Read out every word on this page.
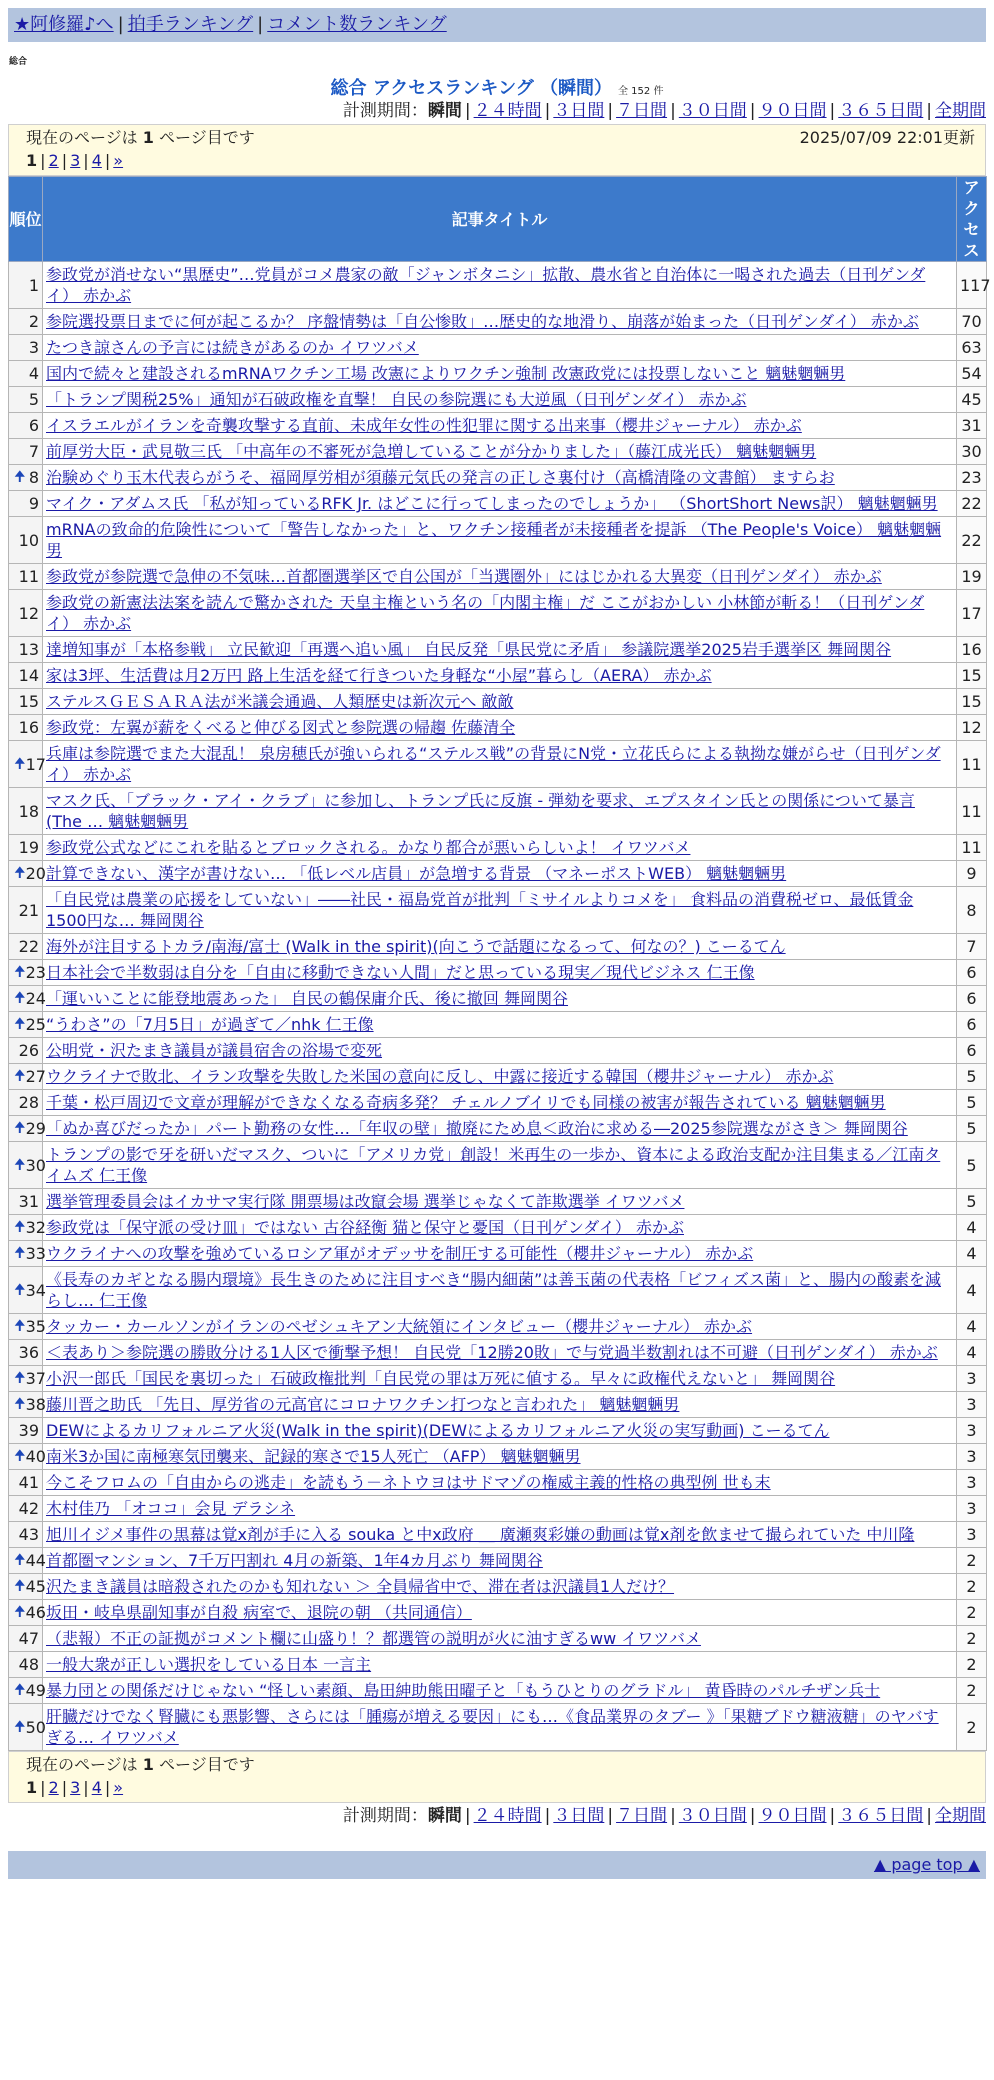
★阿修羅♪へ | 拍手ランキング | コメント数ランキング
総合
総合 アクセスランキング （瞬間） 全 152 件
計測期間：瞬間 | ２４時間 | ３日間 | ７日間 | ３０日間 | ９０日間 | ３６５日間 | 全期間
現在のページは 1 ページ目です	2025/07/09 22:01更新
1 | 2 | 3 | 4 | »
順位	記事タイトル	アクセス
1	参政党が消せない“黒歴史”…党員がコメ農家の敵「ジャンボタニシ」拡散、農水省と自治体に一喝された過去（日刊ゲンダイ） 赤かぶ	117
2	参院選投票日までに何が起こるか？ 序盤情勢は「自公惨敗」…歴史的な地滑り、崩落が始まった（日刊ゲンダイ） 赤かぶ	70
3	たつき諒さんの予言には続きがあるのか イワツバメ	63
4	国内で続々と建設されるmRNAワクチン工場 改憲によりワクチン強制 改憲政党には投票しないこと 魑魅魍魎男	54
5	「トランプ関税25%」通知が石破政権を直撃！ 自民の参院選にも大逆風（日刊ゲンダイ） 赤かぶ	45
6	イスラエルがイランを奇襲攻撃する直前、未成年女性の性犯罪に関する出来事（櫻井ジャーナル） 赤かぶ	31
7	前厚労大臣・武見敬三氏 「中高年の不審死が急増していることが分かりました」（藤江成光氏） 魑魅魍魎男	30

🠉 8	治験めぐり玉木代表らがうそ、福岡厚労相が須藤元気氏の発言の正しさ裏付け（高橋清隆の文書館） ますらお	23
9	マイク・アダムス氏 「私が知っているRFK Jr. はどこに行ってしまったのでしょうか」 （ShortShort News訳） 魑魅魍魎男	22
10	mRNAの致命的危険性について「警告しなかった」と、ワクチン接種者が未接種者を提訴 （The People's Voice） 魑魅魍魎男	22
11	参政党が参院選で急伸の不気味…首都圏選挙区で自公国が「当選圏外」にはじかれる大異変（日刊ゲンダイ） 赤かぶ	19
12	参政党の新憲法法案を読んで驚かされた 天皇主権という名の「内閣主権」だ ここがおかしい 小林節が斬る！（日刊ゲンダイ） 赤かぶ	17
13	達増知事が「本格参戦」 立民歓迎「再選へ追い風」 自民反発「県民党に矛盾」 参議院選挙2025岩手選挙区 舞岡関谷	16
14	家は3坪、生活費は月2万円 路上生活を経て行きついた身軽な“小屋”暮らし（AERA） 赤かぶ	15
15	ステルスＧＥＳＡＲＡ法が米議会通過、人類歴史は新次元へ 敵敵	15
16	参政党：左翼が薪をくべると伸びる図式と参院選の帰趨 佐藤清全	12

🠉 17	兵庫は参院選でまた大混乱！ 泉房穂氏が強いられる“ステルス戦”の背景にN党・立花氏らによる執拗な嫌がらせ（日刊ゲンダイ） 赤かぶ	11
18	マスク氏、「ブラック・アイ・クラブ」に参加し、トランプ氏に反旗 - 弾劾を要求、エプスタイン氏との関係について暴言 (The … 魑魅魍魎男	11
19	参政党公式などにこれを貼るとブロックされる。かなり都合が悪いらしいよ！ イワツバメ	11

🠉 20	計算できない、漢字が書けない… 「低レベル店員」が急増する背景 （マネーポストWEB） 魑魅魍魎男	9
21	「自民党は農業の応援をしていない」――社民・福島党首が批判「ミサイルよりコメを」 食料品の消費税ゼロ、最低賃金1500円な… 舞岡関谷	8
22	海外が注目するトカラ/南海/富士 (Walk in the spirit)(向こうで話題になるって、何なの？) こーるてん	7

🠉 23	日本社会で半数弱は自分を「自由に移動できない人間」だと思っている現実／現代ビジネス 仁王像	6

🠉 24	「運いいことに能登地震あった」 自民の鶴保庸介氏、後に撤回 舞岡関谷	6

🠉 25	“うわさ”の「7月5日」が過ぎて／nhk 仁王像	6
26	公明党・沢たまき議員が議員宿舎の浴場で変死	6

🠉 27	ウクライナで敗北、イラン攻撃を失敗した米国の意向に反し、中露に接近する韓国（櫻井ジャーナル） 赤かぶ	5
28	千葉・松戸周辺で文章が理解ができなくなる奇病多発？ チェルノブイリでも同様の被害が報告されている 魑魅魍魎男	5

🠉 29	「ぬか喜びだったか」パート勤務の女性…「年収の壁」撤廃にため息＜政治に求める―2025参院選ながさき＞ 舞岡関谷	5

🠉 30	トランプの影で牙を研いだマスク、ついに「アメリカ党」創設！米再生の一歩か、資本による政治支配か注目集まる／江南タイムズ 仁王像	5
31	選挙管理委員会はイカサマ実行隊 開票場は改竄会場 選挙じゃなくて詐欺選挙 イワツバメ	5

🠉 32	参政党は「保守派の受け皿」ではない 古谷経衡 猫と保守と憂国（日刊ゲンダイ） 赤かぶ	4

🠉 33	ウクライナへの攻撃を強めているロシア軍がオデッサを制圧する可能性（櫻井ジャーナル） 赤かぶ	4

🠉 34	《長寿のカギとなる腸内環境》長生きのために注目すべき“腸内細菌”は善玉菌の代表格「ビフィズス菌」と、腸内の酸素を減らし… 仁王像	4

🠉 35	タッカー・カールソンがイランのペゼシュキアン大統領にインタビュー（櫻井ジャーナル） 赤かぶ	4
36	＜表あり＞参院選の勝敗分ける1人区で衝撃予想！ 自民党「12勝20敗」で与党過半数割れは不可避（日刊ゲンダイ） 赤かぶ	4

🠉 37	小沢一郎氏「国民を裏切った」石破政権批判「自民党の罪は万死に値する。早々に政権代えないと」 舞岡関谷	3

🠉 38	藤川晋之助氏 「先日、厚労省の元高官にコロナワクチン打つなと言われた」 魑魅魍魎男	3
39	DEWによるカリフォルニア火災(Walk in the spirit)(DEWによるカリフォルニア火災の実写動画) こーるてん	3

🠉 40	南米3か国に南極寒気団襲来、記録的寒さで15人死亡 （AFP） 魑魅魍魎男	3
41	今こそフロムの「自由からの逃走」を読もう－ネトウヨはサドマゾの権威主義的性格の典型例 世も末	3
42	木村佳乃 「オココ」会見 デラシネ	3
43	旭川イジメ事件の黒幕は覚x剤が手に入る souka と中x政府 ＿ 廣瀬爽彩嫌の動画は覚x剤を飲ませて撮られていた 中川隆	3

🠉 44	首都圏マンション、7千万円割れ 4月の新築、1年4カ月ぶり 舞岡関谷	2

🠉 45	沢たまき議員は暗殺されたのかも知れない ＞ 全員帰省中で、滞在者は沢議員1人だけ？	2

🠉 46	坂田・岐阜県副知事が自殺 病室で、退院の朝 （共同通信）	2
47	（悲報）不正の証拠がコメント欄に山盛り！？都選管の説明が火に油すぎるww イワツバメ	2
48	一般大衆が正しい選択をしている日本 一言主	2

🠉 49	暴力団との関係だけじゃない “怪しい素顔、島田紳助熊田曜子と「もうひとりのグラドル」 黄昏時のパルチザン兵士	2

🠉 50	肝臓だけでなく腎臓にも悪影響、さらには「腫瘍が増える要因」にも…《食品業界のタブー 》「果糖ブドウ糖液糖」のヤバすぎる… イワツバメ	2
現在のページは 1 ページ目です
1 | 2 | 3 | 4 | »
計測期間：瞬間 | ２４時間 | ３日間 | ７日間 | ３０日間 | ９０日間 | ３６５日間 | 全期間
▲ page top ▲
